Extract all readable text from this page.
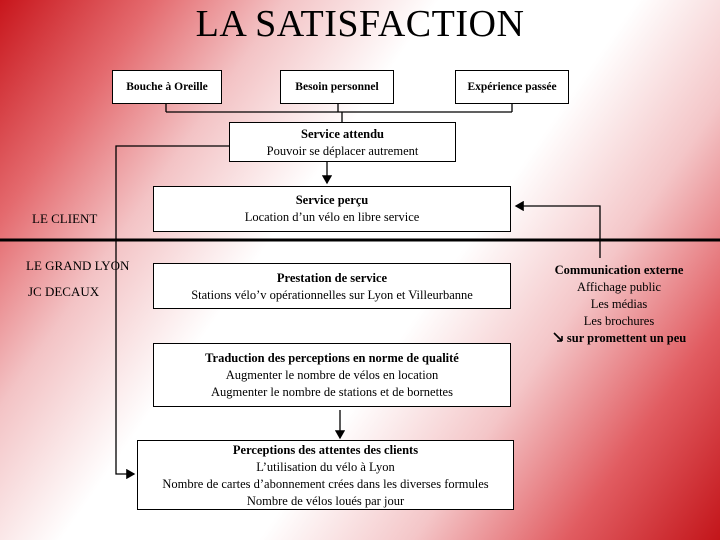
LA SATISFACTION
Bouche à Oreille	Besoin personnel	Expérience passée
Service attendu
Pouvoir se déplacer autrement
Service perçu
Location d’un vélo en libre service
LE CLIENT
LE GRAND LYON
JC DECAUX
Prestation de service
Stations vélo’v opérationnelles sur Lyon et Villeurbanne
Traduction des perceptions en norme de qualité
Augmenter le nombre de vélos en location
Augmenter le nombre de stations et de bornettes
Perceptions des attentes des clients
L’utilisation du vélo à Lyon
Nombre de cartes d’abonnement crées dans les diverses formules
Nombre de vélos loués par jour
Communication externe
Affichage public
Les médias
Les brochures
sur promettent un peu
